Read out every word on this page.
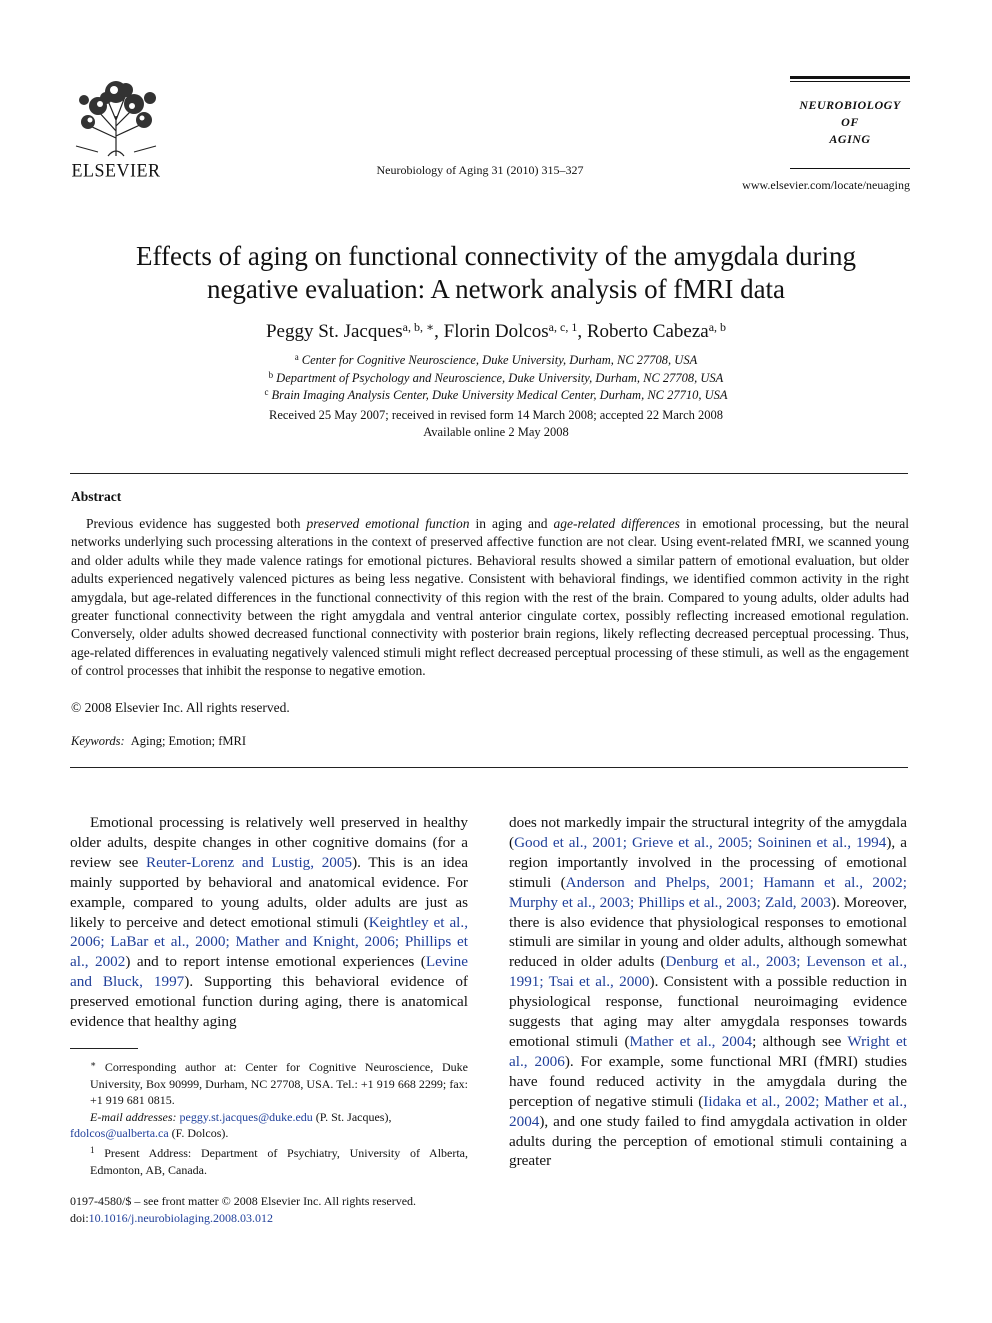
ELSEVIER	Neurobiology of Aging 31 (2010) 315–327
NEUROBIOLOGY
OF
AGING
www.elsevier.com/locate/neuaging
Effects of aging on functional connectivity of the amygdala during
negative evaluation: A network analysis of fMRI data
Peggy St. Jacques$^{a, b, ∗}$, Florin Dolcos$^{a, c, 1}$, Roberto Cabeza$^{a, b}$
$^a$ Center for Cognitive Neuroscience, Duke University, Durham, NC 27708, USA
$^b$ Department of Psychology and Neuroscience, Duke University, Durham, NC 27708, USA
$^c$ Brain Imaging Analysis Center, Duke University Medical Center, Durham, NC 27710, USA
Received 25 May 2007; received in revised form 14 March 2008; accepted 22 March 2008
Available online 2 May 2008
Abstract
Previous evidence has suggested both preserved emotional function in aging and age-related differences in emotional processing, but the neural networks underlying such processing alterations in the context of preserved affective function are not clear. Using event-related fMRI, we scanned young and older adults while they made valence ratings for emotional pictures. Behavioral results showed a similar pattern of emotional evaluation, but older adults experienced negatively valenced pictures as being less negative. Consistent with behavioral findings, we identified common activity in the right amygdala, but age-related differences in the functional connectivity of this region with the rest of the brain. Compared to young adults, older adults had greater functional connectivity between the right amygdala and ventral anterior cingulate cortex, possibly reflecting increased emotional regulation. Conversely, older adults showed decreased functional connectivity with posterior brain regions, likely reflecting decreased perceptual processing. Thus, age-related differences in evaluating negatively valenced stimuli might reflect decreased perceptual processing of these stimuli, as well as the engagement of control processes that inhibit the response to negative emotion.
© 2008 Elsevier Inc. All rights reserved.
Keywords: Aging; Emotion; fMRI
Emotional processing is relatively well preserved in healthy older adults, despite changes in other cognitive domains (for a review see Reuter-Lorenz and Lustig, 2005). This is an idea mainly supported by behavioral and anatomical evidence. For example, compared to young adults, older adults are just as likely to perceive and detect emotional stimuli (Keightley et al., 2006; LaBar et al., 2000; Mather and Knight, 2006; Phillips et al., 2002) and to report intense emotional experiences (Levine and Bluck, 1997). Supporting this behavioral evidence of preserved emotional function during aging, there is anatomical evidence that healthy aging
does not markedly impair the structural integrity of the amygdala (Good et al., 2001; Grieve et al., 2005; Soininen et al., 1994), a region importantly involved in the processing of emotional stimuli (Anderson and Phelps, 2001; Hamann et al., 2002; Murphy et al., 2003; Phillips et al., 2003; Zald, 2003). Moreover, there is also evidence that physiological responses to emotional stimuli are similar in young and older adults, although somewhat reduced in older adults (Denburg et al., 2003; Levenson et al., 1991; Tsai et al., 2000). Consistent with a possible reduction in physiological response, functional neuroimaging evidence suggests that aging may alter amygdala responses towards emotional stimuli (Mather et al., 2004; although see Wright et al., 2006). For example, some functional MRI (fMRI) studies have found reduced activity in the amygdala during the perception of negative stimuli (Iidaka et al., 2002; Mather et al., 2004), and one study failed to find amygdala activation in older adults during the perception of emotional stimuli containing a greater
∗ Corresponding author at: Center for Cognitive Neuroscience, Duke University, Box 90999, Durham, NC 27708, USA. Tel.: +1 919 668 2299; fax: +1 919 681 0815.
E-mail addresses: peggy.st.jacques@duke.edu (P. St. Jacques),
fdolcos@ualberta.ca (F. Dolcos).
$^1$ Present Address: Department of Psychiatry, University of Alberta, Edmonton, AB, Canada.
0197-4580/$ – see front matter © 2008 Elsevier Inc. All rights reserved.
doi:10.1016/j.neurobiolaging.2008.03.012
